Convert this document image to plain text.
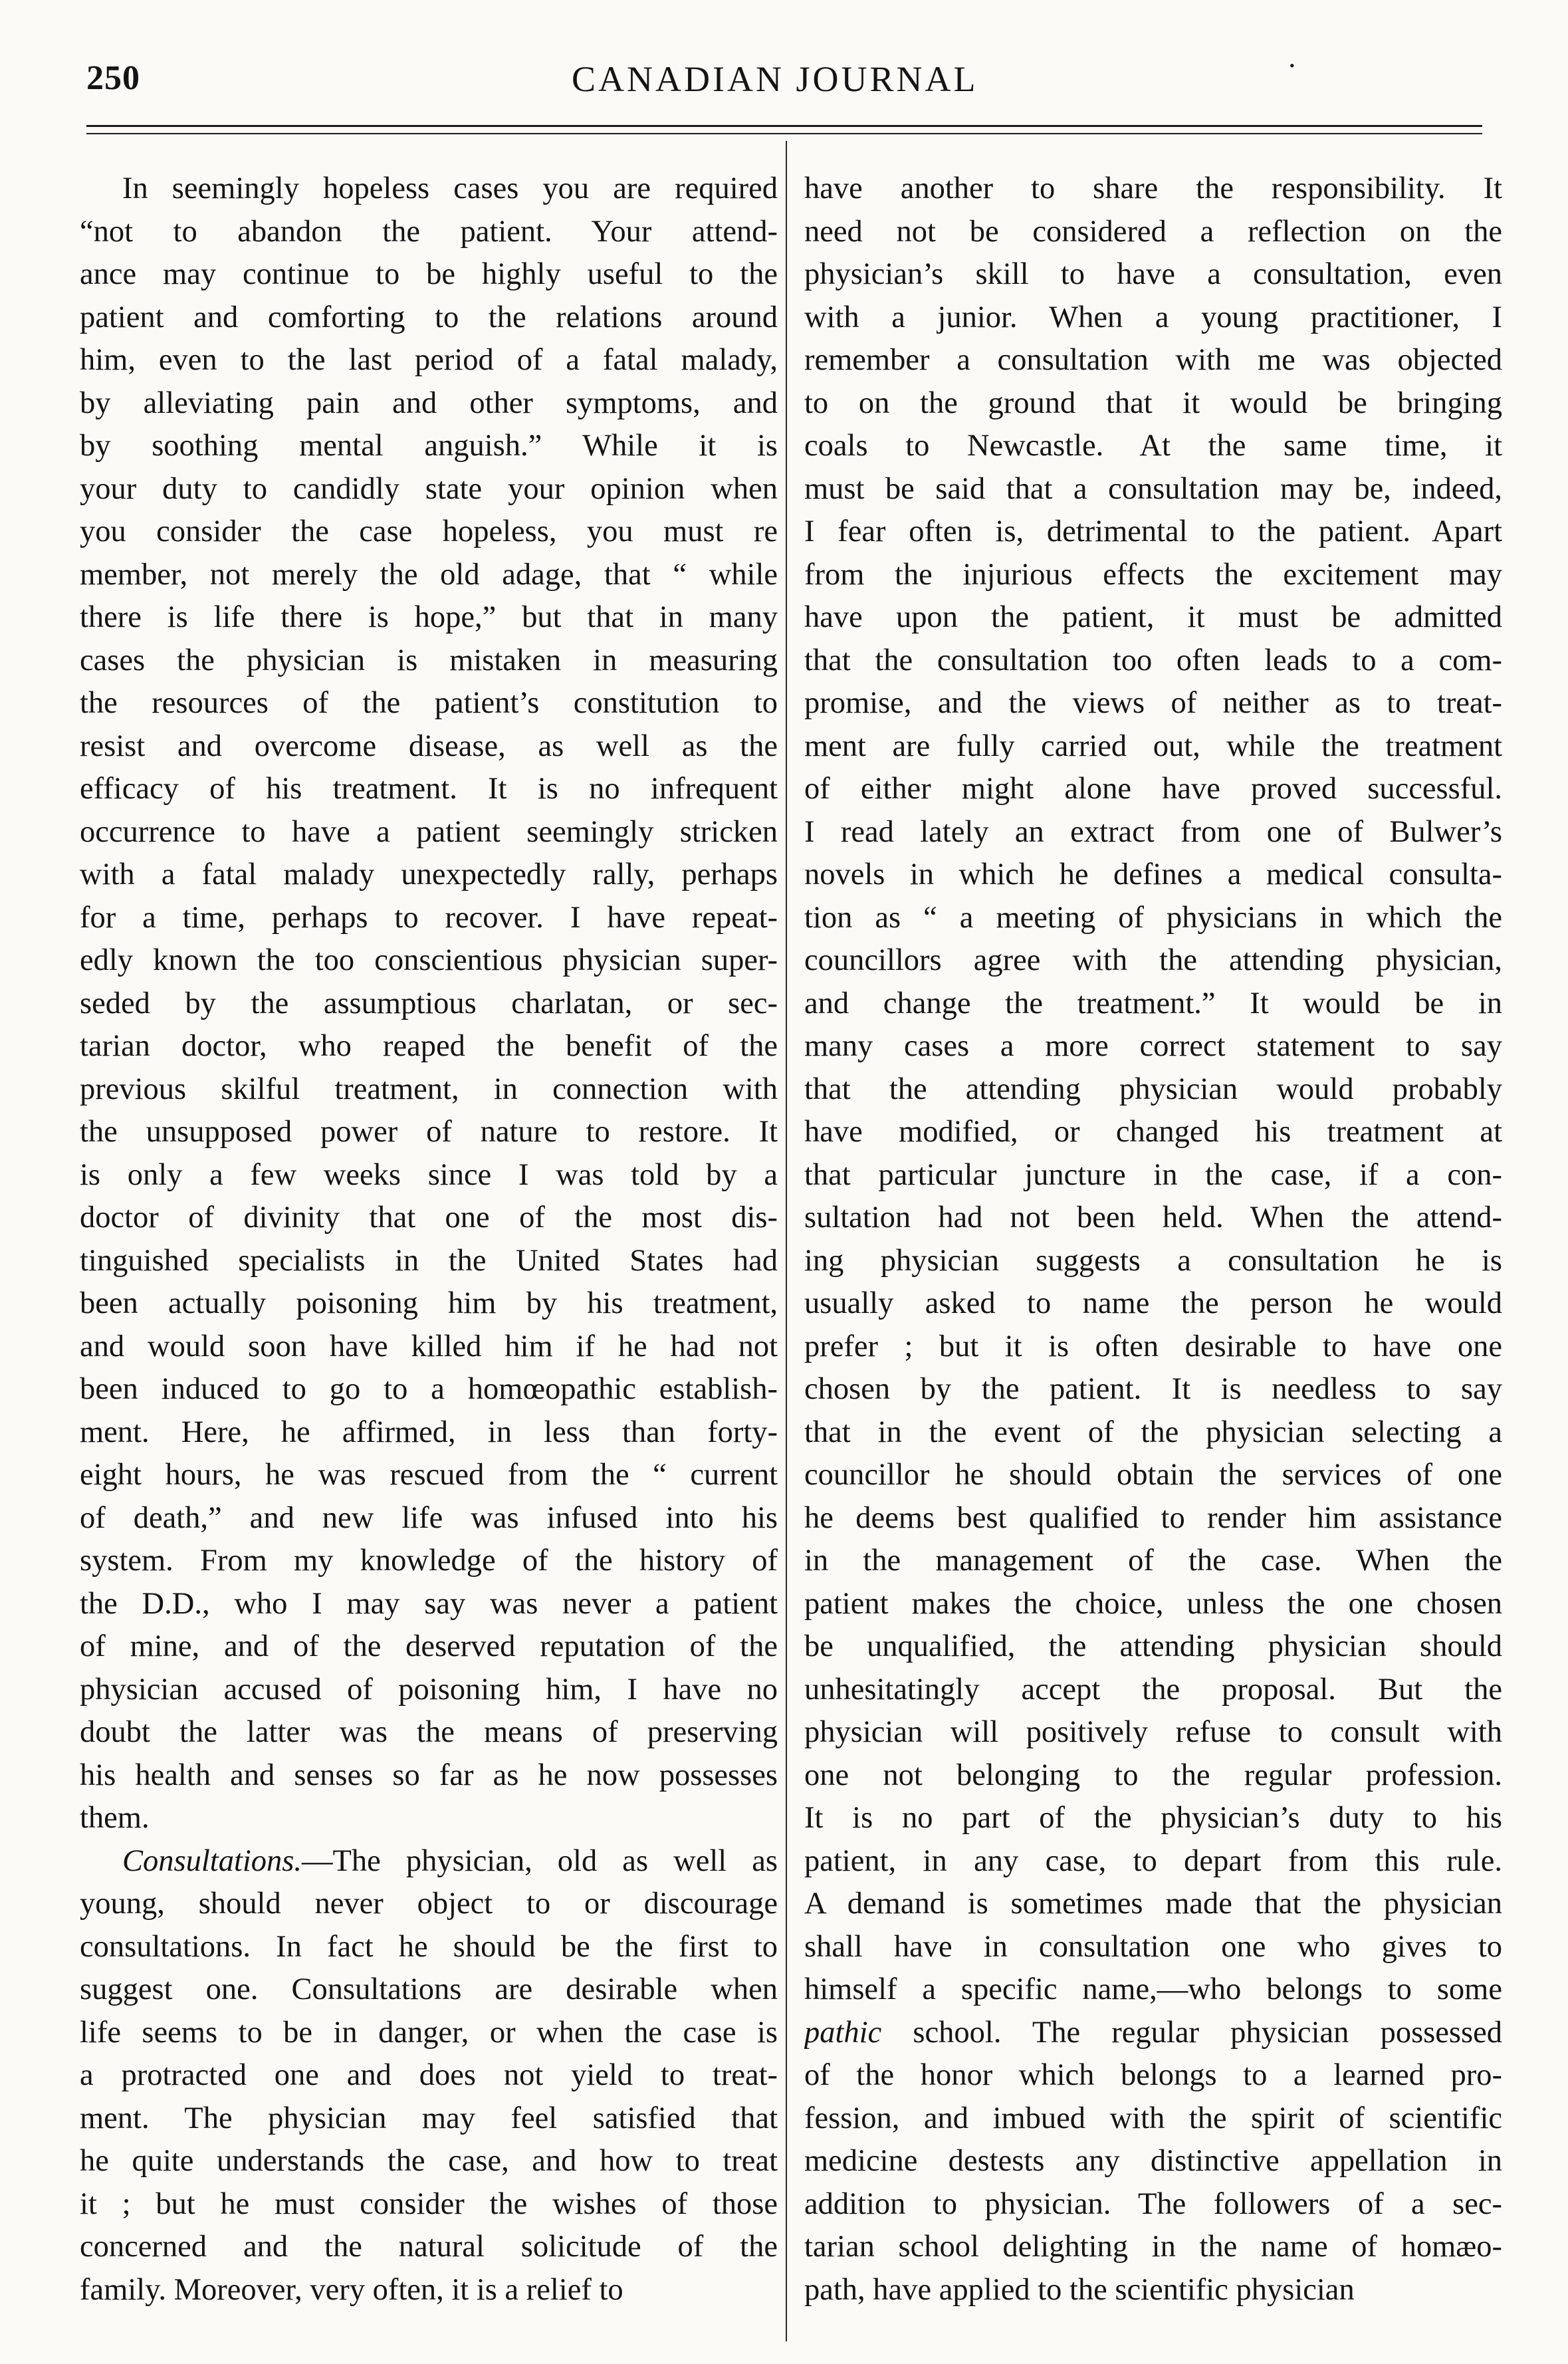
250	CANADIAN JOURNAL	•
In seemingly hopeless cases you are required
“not to abandon the patient. Your attend-
ance may continue to be highly useful to the
patient and comforting to the relations around
him, even to the last period of a fatal malady,
by alleviating pain and other symptoms, and
by soothing mental anguish.” While it is
your duty to candidly state your opinion when
you consider the case hopeless, you must re
member, not merely the old adage, that “ while
there is life there is hope,” but that in many
cases the physician is mistaken in measuring
the resources of the patient’s constitution to
resist and overcome disease, as well as the
efficacy of his treatment. It is no infrequent
occurrence to have a patient seemingly stricken
with a fatal malady unexpectedly rally, perhaps
for a time, perhaps to recover. I have repeat-
edly known the too conscientious physician super-
seded by the assumptious charlatan, or sec-
tarian doctor, who reaped the benefit of the
previous skilful treatment, in connection with
the unsupposed power of nature to restore. It
is only a few weeks since I was told by a
doctor of divinity that one of the most dis-
tinguished specialists in the United States had
been actually poisoning him by his treatment,
and would soon have killed him if he had not
been induced to go to a homœopathic establish-
ment. Here, he affirmed, in less than forty-
eight hours, he was rescued from the “ current
of death,” and new life was infused into his
system. From my knowledge of the history of
the D.D., who I may say was never a patient
of mine, and of the deserved reputation of the
physician accused of poisoning him, I have no
doubt the latter was the means of preserving
his health and senses so far as he now possesses
them.
Consultations.—The physician, old as well as
young, should never object to or discourage
consultations. In fact he should be the first to
suggest one. Consultations are desirable when
life seems to be in danger, or when the case is
a protracted one and does not yield to treat-
ment. The physician may feel satisfied that
he quite understands the case, and how to treat
it ; but he must consider the wishes of those
concerned and the natural solicitude of the
family. Moreover, very often, it is a relief to
have another to share the responsibility. It
need not be considered a reflection on the
physician’s skill to have a consultation, even
with a junior. When a young practitioner, I
remember a consultation with me was objected
to on the ground that it would be bringing
coals to Newcastle. At the same time, it
must be said that a consultation may be, indeed,
I fear often is, detrimental to the patient. Apart
from the injurious effects the excitement may
have upon the patient, it must be admitted
that the consultation too often leads to a com-
promise, and the views of neither as to treat-
ment are fully carried out, while the treatment
of either might alone have proved successful.
I read lately an extract from one of Bulwer’s
novels in which he defines a medical consulta-
tion as “ a meeting of physicians in which the
councillors agree with the attending physician,
and change the treatment.” It would be in
many cases a more correct statement to say
that the attending physician would probably
have modified, or changed his treatment at
that particular juncture in the case, if a con-
sultation had not been held. When the attend-
ing physician suggests a consultation he is
usually asked to name the person he would
prefer ; but it is often desirable to have one
chosen by the patient. It is needless to say
that in the event of the physician selecting a
councillor he should obtain the services of one
he deems best qualified to render him assistance
in the management of the case. When the
patient makes the choice, unless the one chosen
be unqualified, the attending physician should
unhesitatingly accept the proposal. But the
physician will positively refuse to consult with
one not belonging to the regular profession.
It is no part of the physician’s duty to his
patient, in any case, to depart from this rule.
A demand is sometimes made that the physician
shall have in consultation one who gives to
himself a specific name,—who belongs to some
pathic school. The regular physician possessed
of the honor which belongs to a learned pro-
fession, and imbued with the spirit of scientific
medicine destests any distinctive appellation in
addition to physician. The followers of a sec-
tarian school delighting in the name of homæo-
path, have applied to the scientific physician
